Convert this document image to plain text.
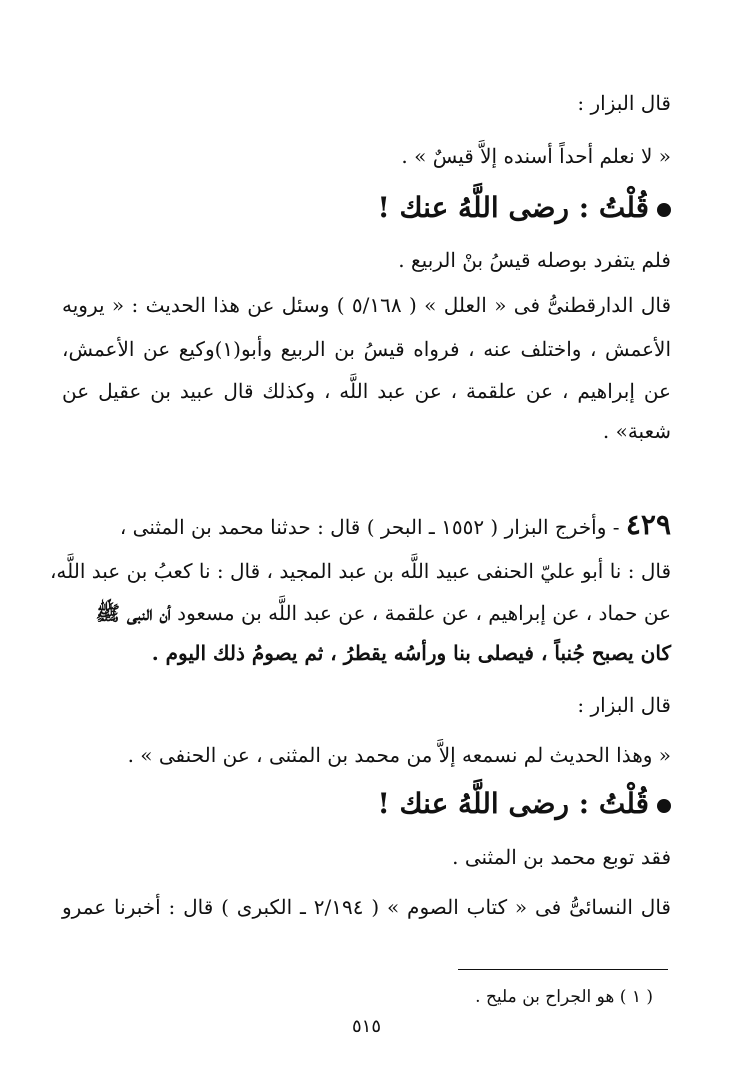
قال البزار :
« لا نعلم أحداً أسنده إلاَّ قيسٌ » .
قُلْتُ : رضى اللَّهُ عنك !
فلم يتفرد بوصله قيسُ بنْ الربيع .
قال الدارقطنىُّ فى « العلل » ( ٥/١٦٨ ) وسئل عن هذا الحديث : « يرويه
الأعمش ، واختلف عنه ، فرواه قيسُ بن الربيع وأبو(١)وكيع عن الأعمش،
عن إبراهيم ، عن علقمة ، عن عبد اللَّه ، وكذلك قال عبيد بن عقيل عن
شعبة» .
٤٢٩ - وأخرج البزار ( ١٥٥٢ ـ البحر ) قال : حدثنا محمد بن المثنى ،
قال : نا أبو عليّ الحنفى عبيد اللَّه بن عبد المجيد ، قال : نا كعبُ بن عبد اللَّه،
عن حماد ، عن إبراهيم ، عن علقمة ، عن عبد اللَّه بن مسعود أن النبى ﷺ
كان يصبح جُنباً ، فيصلى بنا ورأسُه يقطرُ ، ثم يصومُ ذلك اليوم .
قال البزار :
« وهذا الحديث لم نسمعه إلاَّ من محمد بن المثنى ، عن الحنفى » .
قُلْتُ : رضى اللَّهُ عنك !
فقد توبع محمد بن المثنى .
قال النسائىُّ فى « كتاب الصوم » ( ٢/١٩٤ ـ الكبرى ) قال : أخبرنا عمرو
( ١ ) هو الجراح بن مليح .
٥١٥
